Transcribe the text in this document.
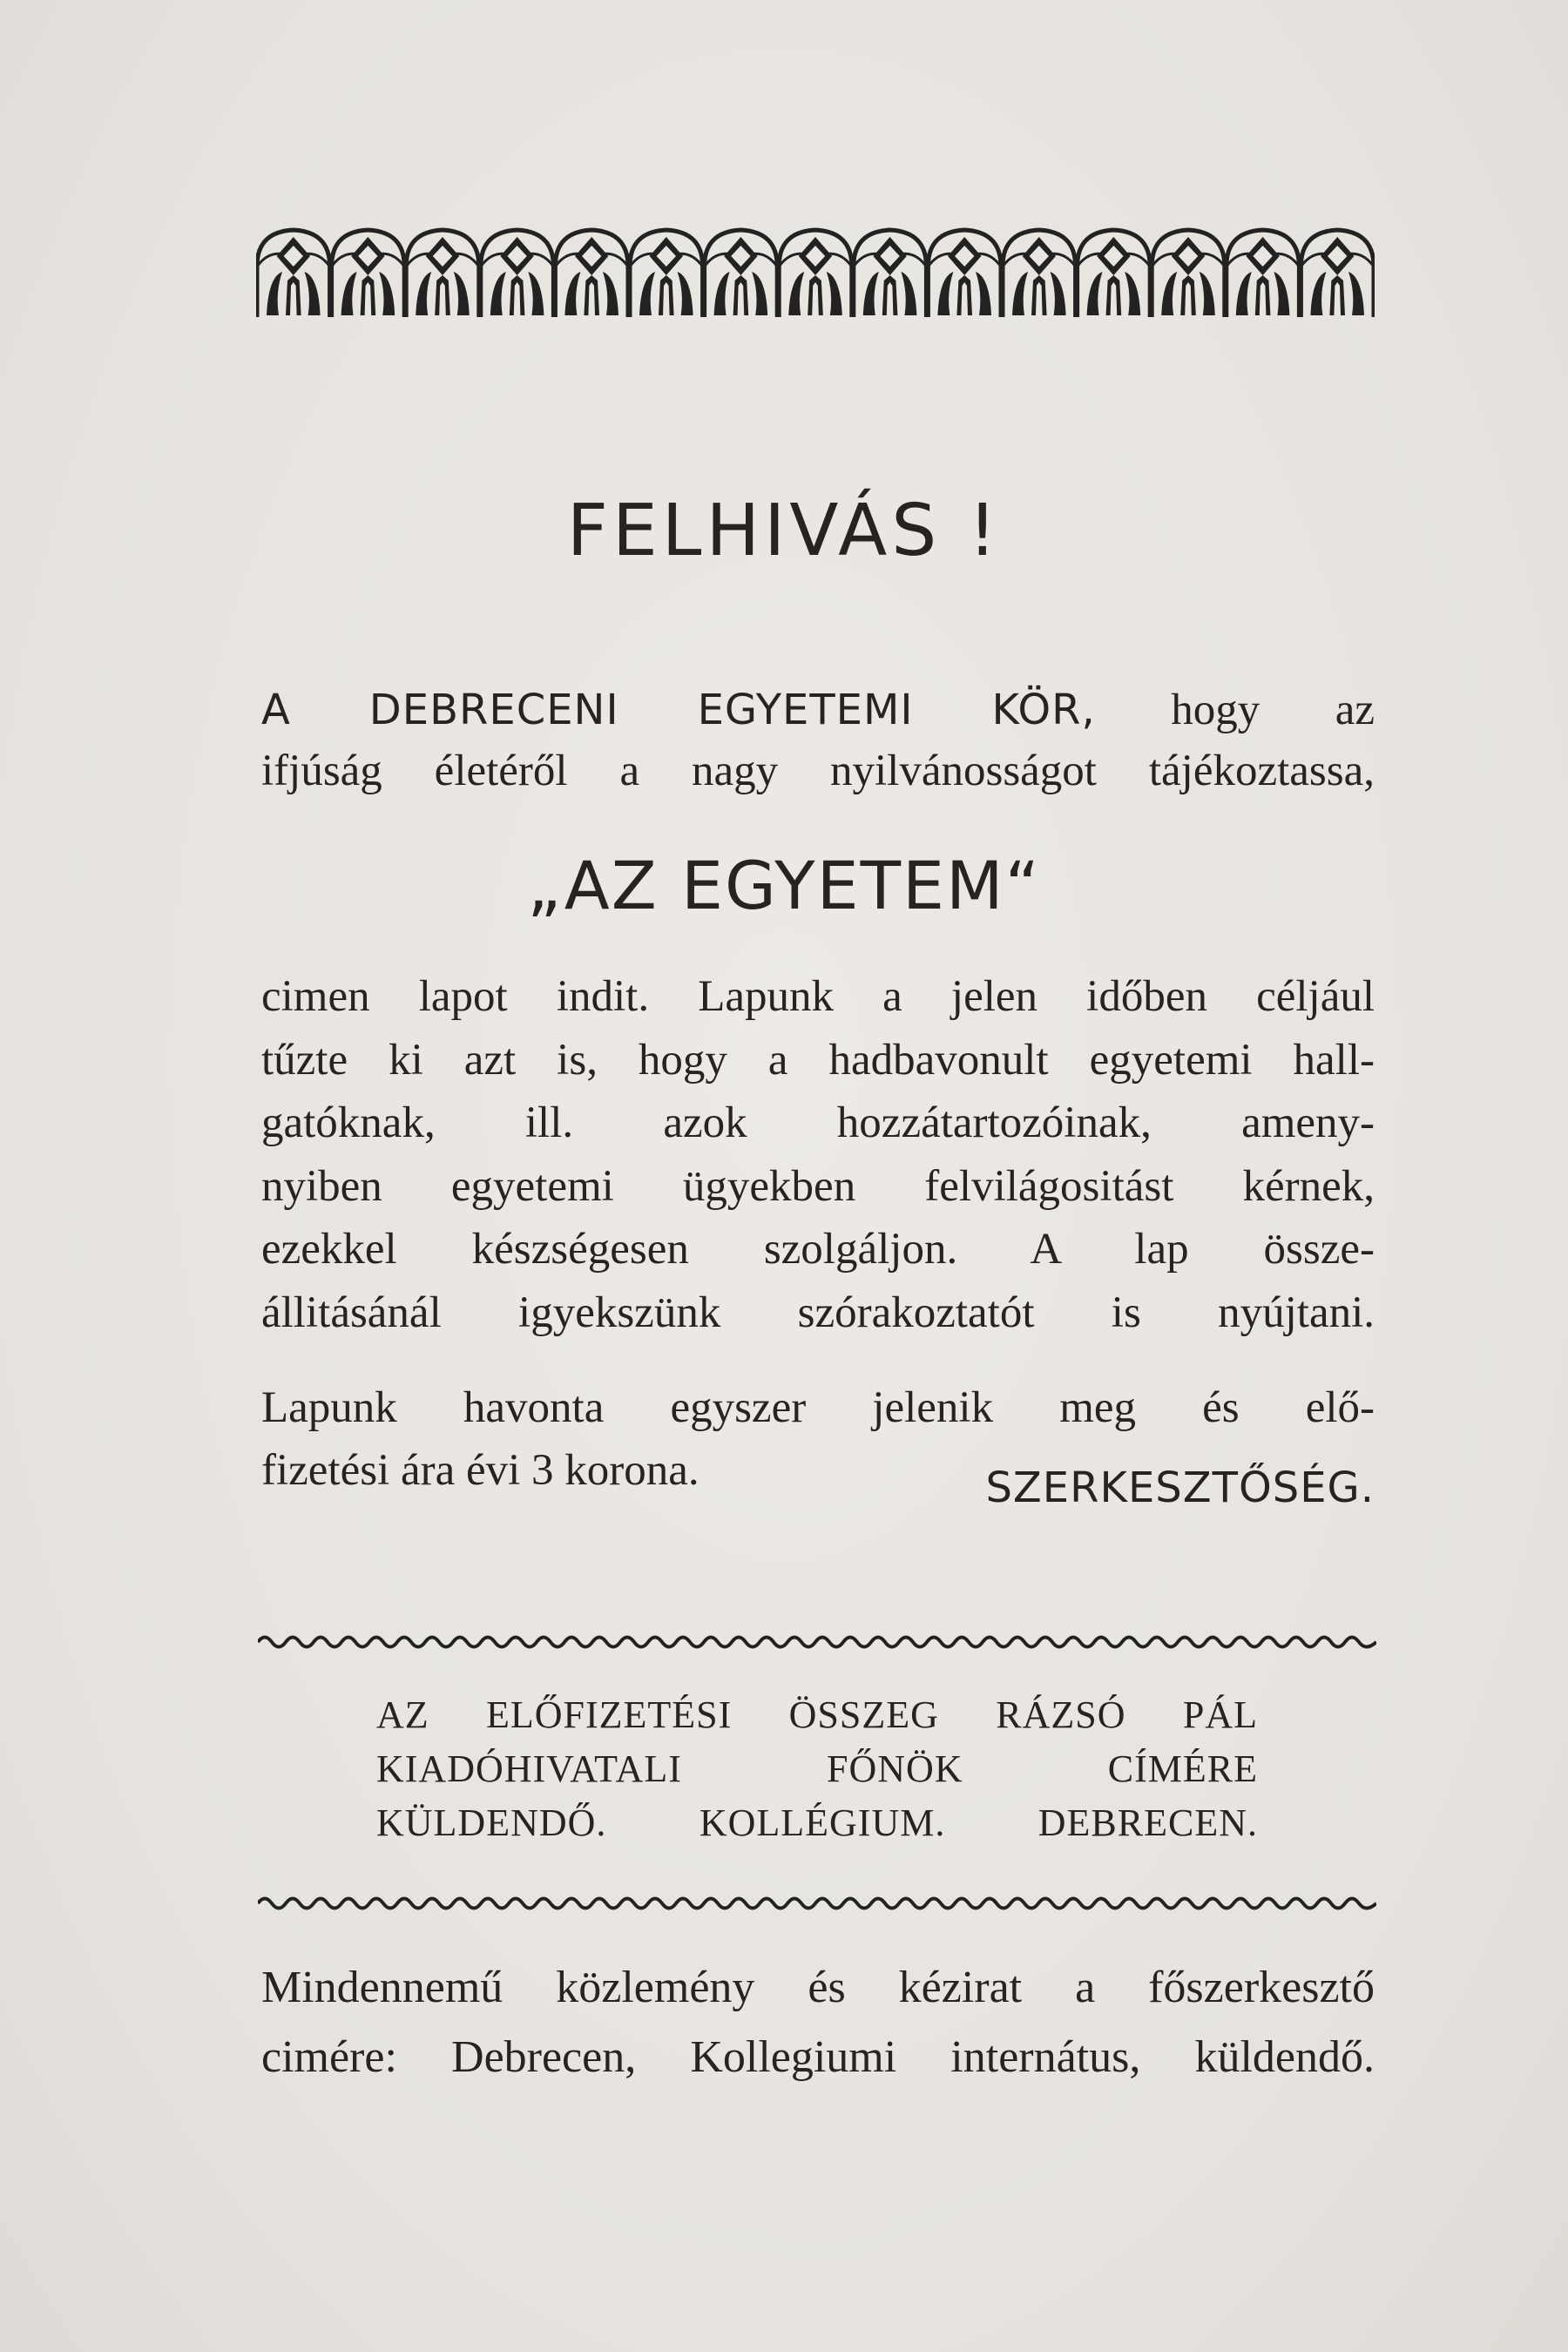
FELHIVÁS !
A DEBRECENI EGYETEMI KÖR, hogy az
ifjúság életéről a nagy nyilvánosságot tájékoztassa,
„AZ EGYETEM“
cimen lapot indit. Lapunk a jelen időben céljául
tűzte ki azt is, hogy a hadbavonult egyetemi hall-
gatóknak, ill. azok hozzátartozóinak, ameny-
nyiben egyetemi ügyekben felvilágositást kérnek,
ezekkel készségesen szolgáljon. A lap össze-
állitásánál igyekszünk szórakoztatót is nyújtani.
Lapunk havonta egyszer jelenik meg és elő-
fizetési ára évi 3 korona.	SZERKESZTŐSÉG.
AZ ELŐFIZETÉSI ÖSSZEG RÁZSÓ PÁL
KIADÓHIVATALI FŐNÖK CÍMÉRE
KÜLDENDŐ. KOLLÉGIUM. DEBRECEN.
Mindennemű közlemény és kézirat a főszerkesztő
cimére: Debrecen, Kollegiumi internátus, küldendő.
